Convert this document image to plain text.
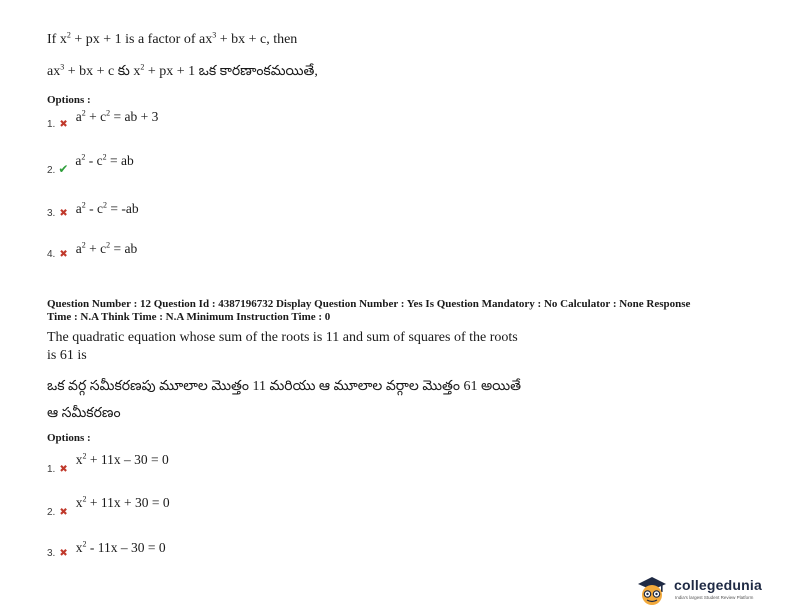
If $x^2$ + px + 1 is a factor of $ax^3$ + bx + c, then
$ax^3$ + bx + c కు $x^2$ + px + 1 ఒక కారణాంకమయితే,
Options :
1. ✖ $^{a^2 + c^2 = ab + 3}$
2. ✔ $^{a^2 - c^2 = ab}$
3. ✖ $a^2 - c^2 = -ab$
4. ✖ $^{a^2 + c^2 = ab}$
Question Number : 12 Question Id : 4387196732 Display Question Number : Yes Is Question Mandatory : No Calculator : None Response
Time : N.A Think Time : N.A Minimum Instruction Time : 0
The quadratic equation whose sum of the roots is 11 and sum of squares of the roots
is 61 is
ఒక వర్గ సమీకరణపు మూలాల మొత్తం 11 మరియు ఆ మూలాల వర్గాల మొత్తం 61 అయితే
ఆ సమీకరణం
Options :
1. ✖ $^{x^2 + 11x - 30 = 0}$
2. ✖ $^{x^2 + 11x + 30 = 0}$
3. ✖ $^{x^2 - 11x - 30 = 0}$
collegedunia
India's largest Student Review Platform
